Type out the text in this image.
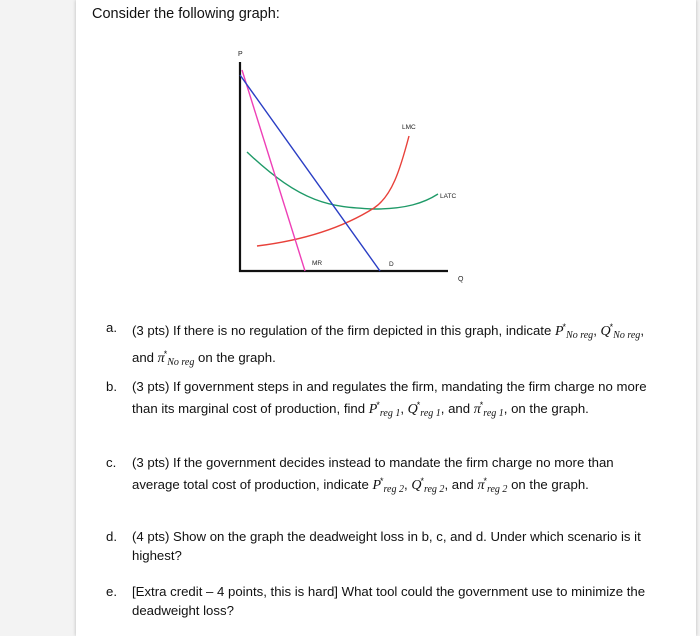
Consider the following graph:
P
Q
LMC
LATC
MR	D
a.	(3 pts) If there is no regulation of the firm depicted in this graph, indicate $P^*_{No reg}$, $Q^*_{No reg}$, and $\pi^*_{No reg}$ on the graph.
b.	(3 pts) If government steps in and regulates the firm, mandating the firm charge no more than its marginal cost of production, find $P^*_{reg 1}$, $Q^*_{reg 1}$, and $\pi^*_{reg 1}$, on the graph.
c.	(3 pts) If the government decides instead to mandate the firm charge no more than average total cost of production, indicate $P^*_{reg 2}$, $Q^*_{reg 2}$, and $\pi^*_{reg 2}$ on the graph.
d.	(4 pts) Show on the graph the deadweight loss in b, c, and d. Under which scenario is it highest?
e.	[Extra credit – 4 points, this is hard] What tool could the government use to minimize the deadweight loss?
